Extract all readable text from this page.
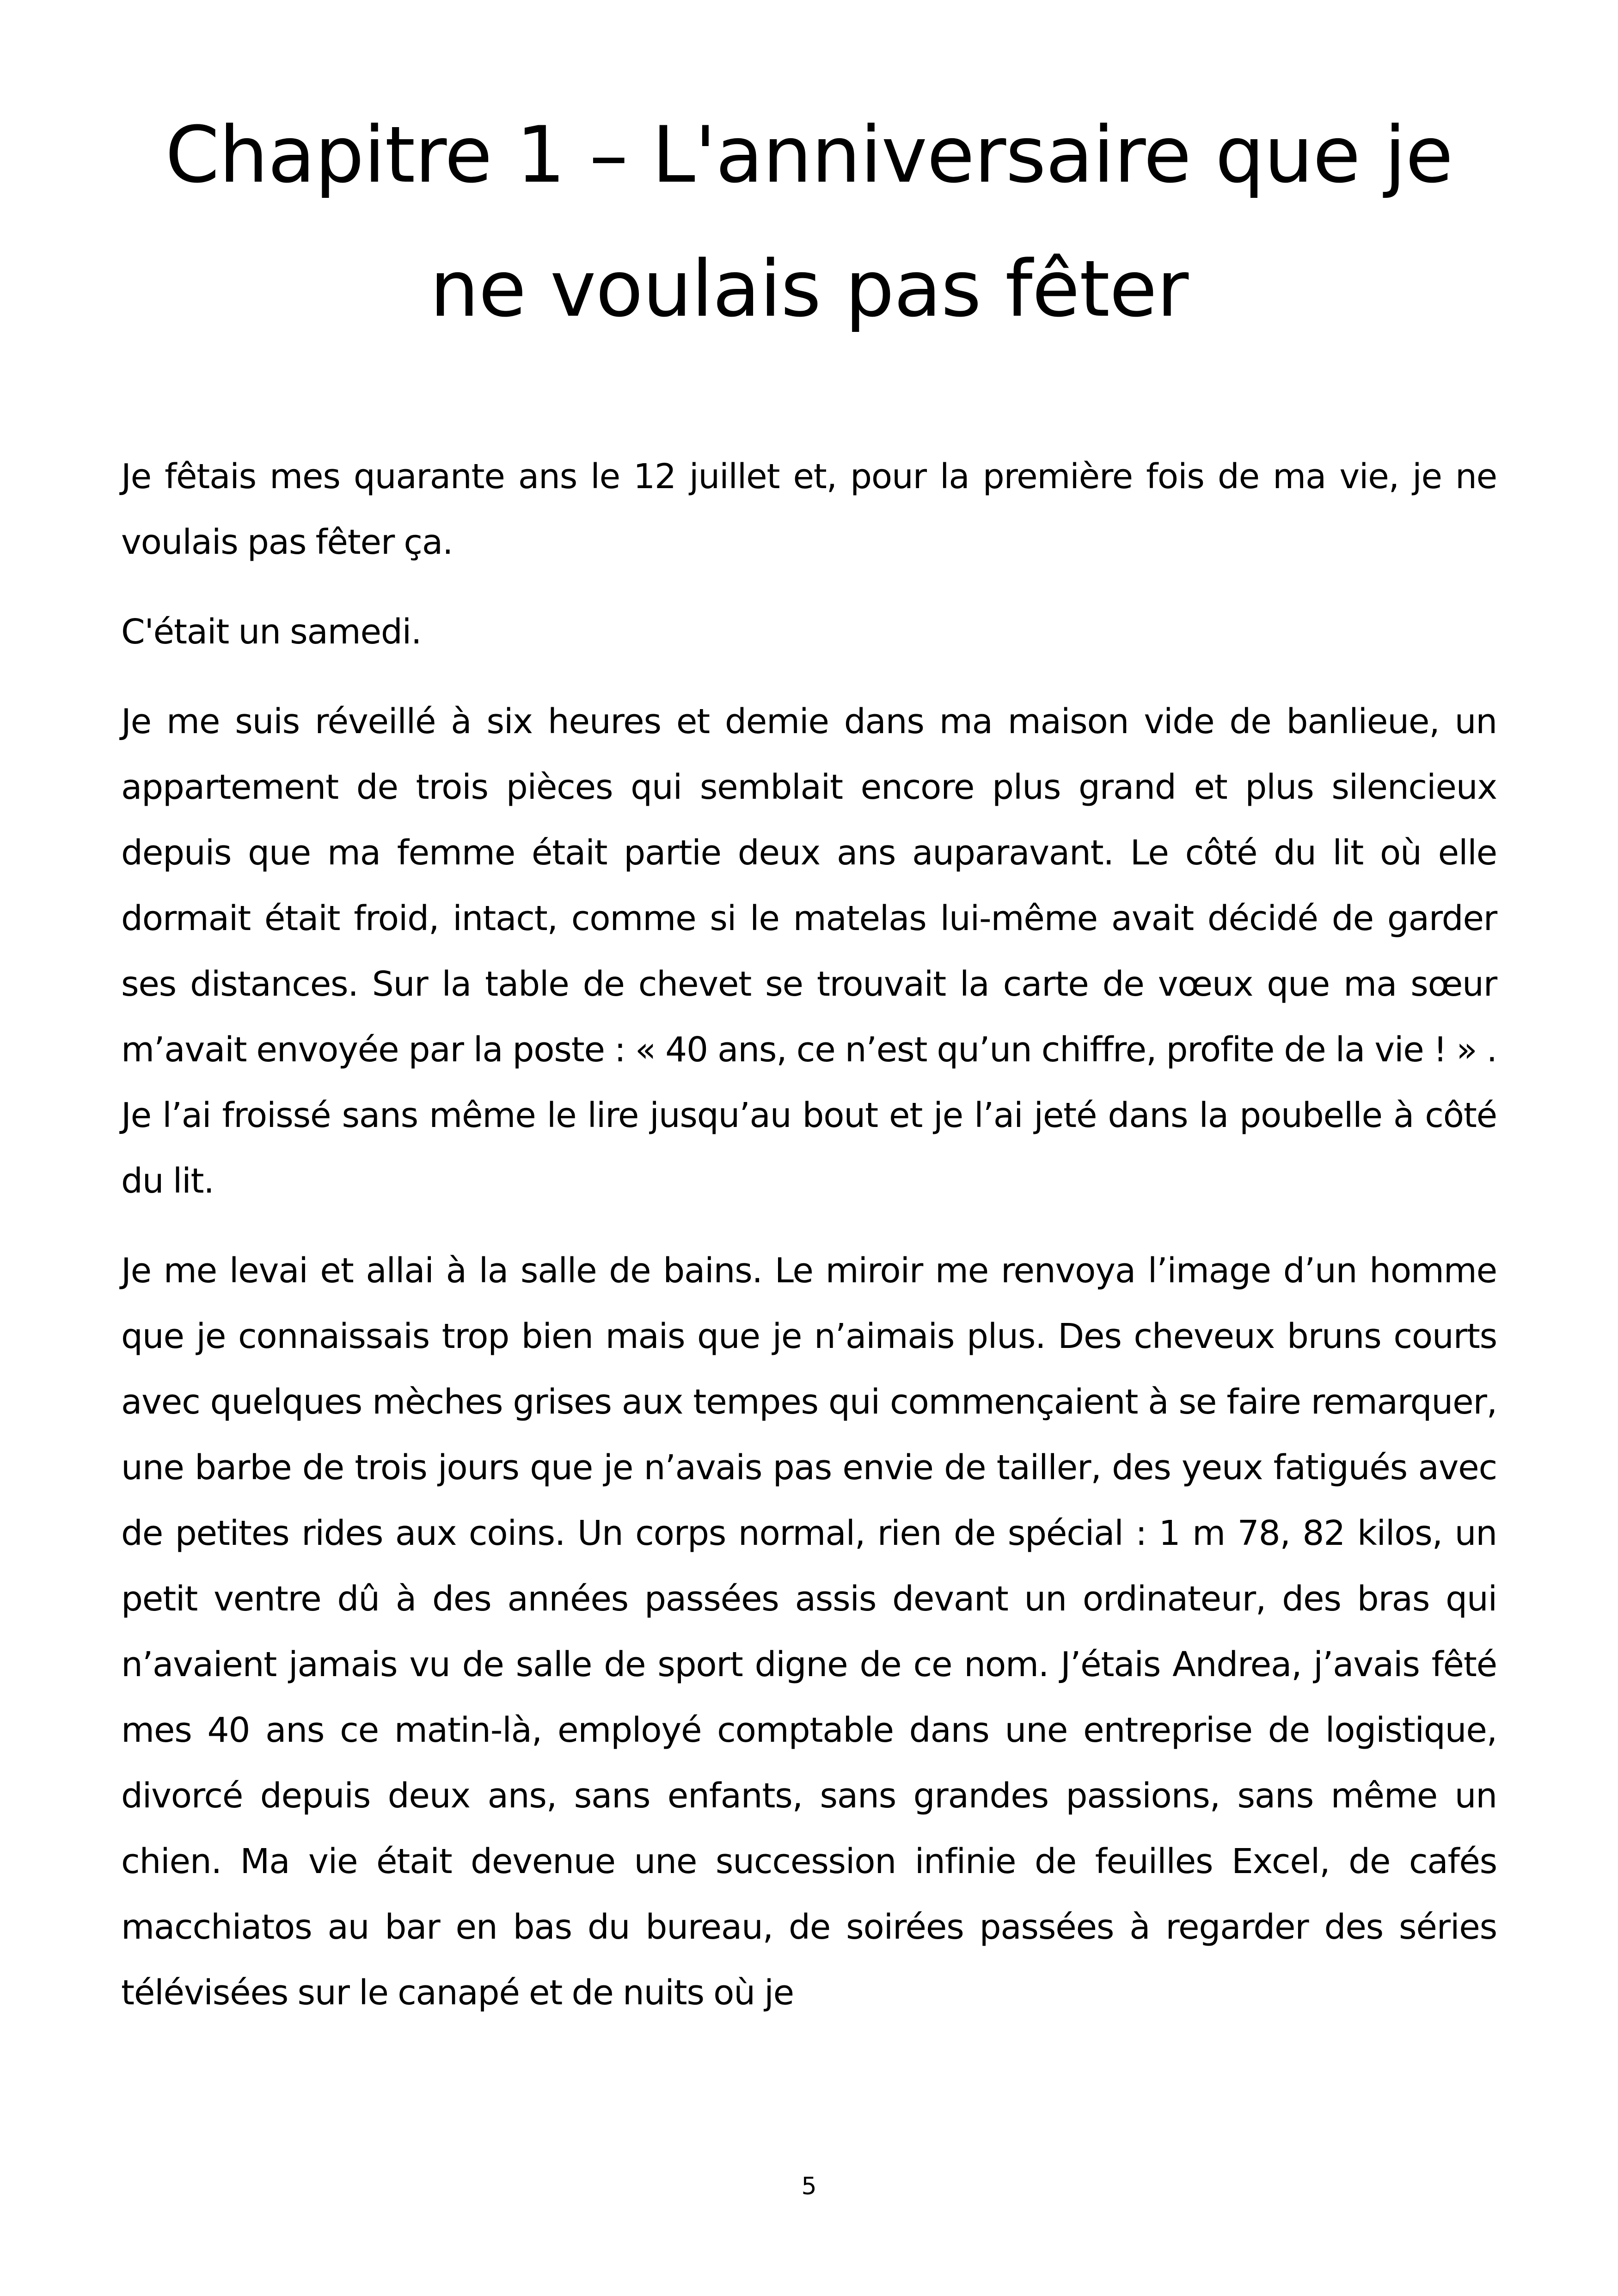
Chapitre 1 – L'anniversaire que je ne voulais pas fêter

Je fêtais mes quarante ans le 12 juillet et, pour la première fois de ma vie, je ne voulais pas fêter ça.

C'était un samedi.

Je me suis réveillé à six heures et demie dans ma maison vide de banlieue, un appartement de trois pièces qui semblait encore plus grand et plus silencieux depuis que ma femme était partie deux ans auparavant. Le côté du lit où elle dormait était froid, intact, comme si le matelas lui-même avait décidé de garder ses distances. Sur la table de chevet se trouvait la carte de vœux que ma sœur m’avait envoyée par la poste : « 40 ans, ce n’est qu’un chiffre, profite de la vie ! » . Je l’ai froissé sans même le lire jusqu’au bout et je l’ai jeté dans la poubelle à côté du lit.

Je me levai et allai à la salle de bains. Le miroir me renvoya l’image d’un homme que je connaissais trop bien mais que je n’aimais plus. Des cheveux bruns courts avec quelques mèches grises aux tempes qui commençaient à se faire remarquer, une barbe de trois jours que je n’avais pas envie de tailler, des yeux fatigués avec de petites rides aux coins. Un corps normal, rien de spécial : 1 m 78, 82 kilos, un petit ventre dû à des années passées assis devant un ordinateur, des bras qui n’avaient jamais vu de salle de sport digne de ce nom. J’étais Andrea, j’avais fêté mes 40 ans ce matin-là, employé comptable dans une entreprise de logistique, divorcé depuis deux ans, sans enfants, sans grandes passions, sans même un chien. Ma vie était devenue une succession infinie de feuilles Excel, de cafés macchiatos au bar en bas du bureau, de soirées passées à regarder des séries télévisées sur le canapé et de nuits où je

5
